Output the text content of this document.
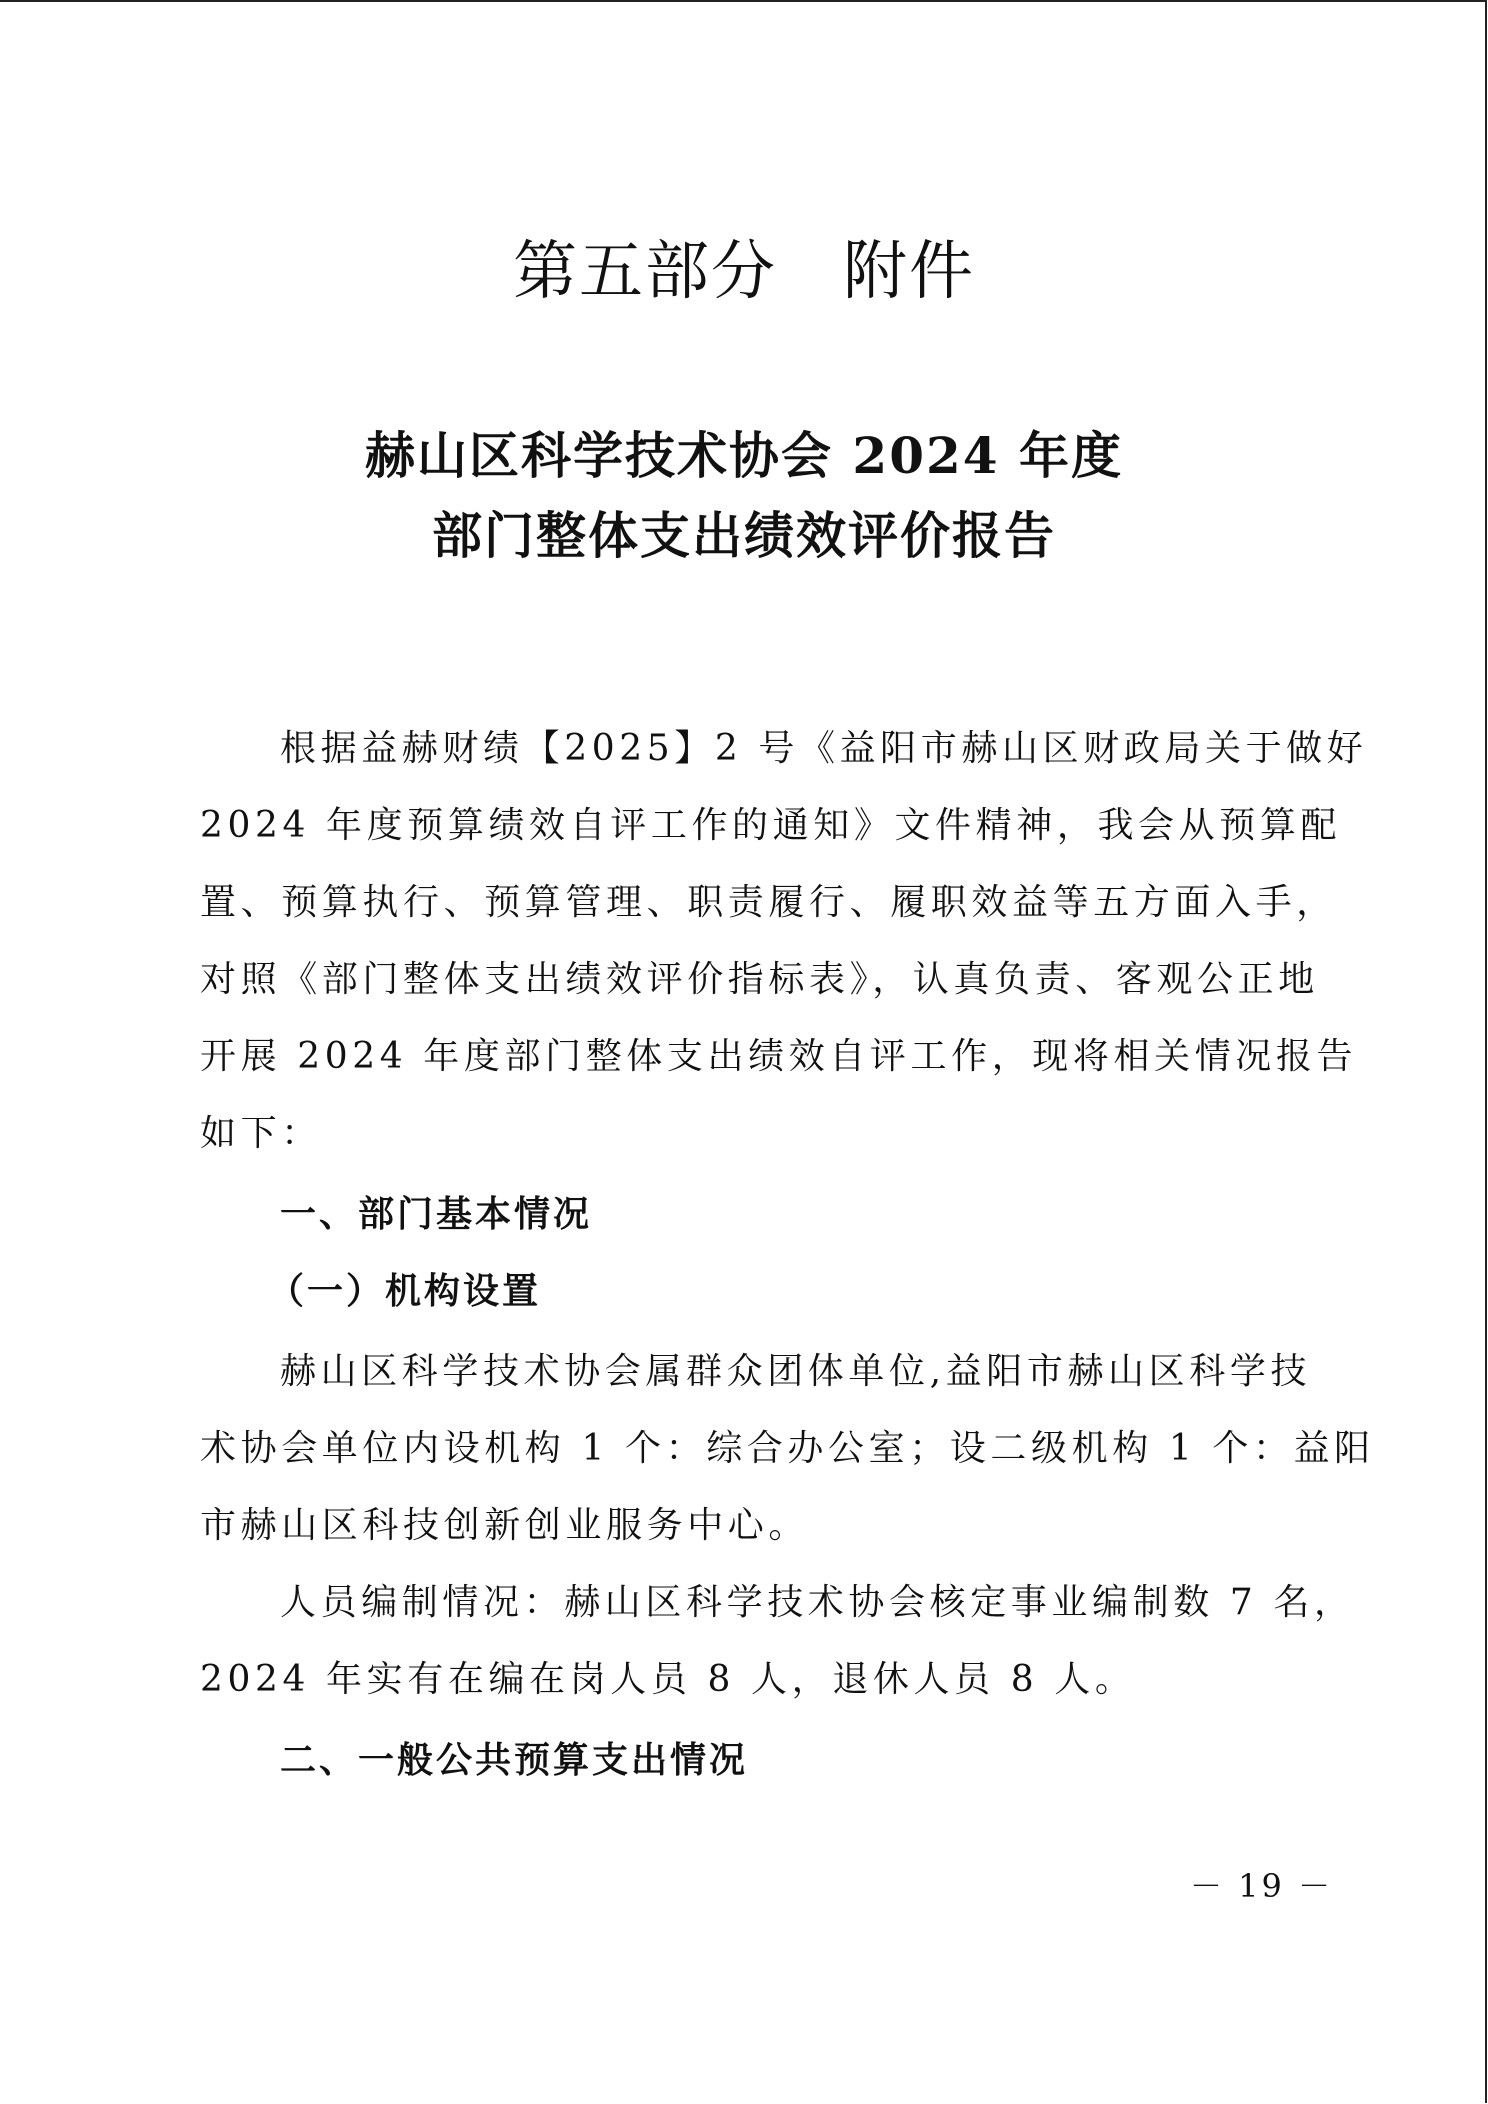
第五部分　附件
赫山区科学技术协会 2024 年度
部门整体支出绩效评价报告
根据益赫财绩【2025】2 号《益阳市赫山区财政局关于做好
2024 年度预算绩效自评工作的通知》文件精神，我会从预算配
置、预算执行、预算管理、职责履行、履职效益等五方面入手，
对照《部门整体支出绩效评价指标表》，认真负责、客观公正地
开展 2024 年度部门整体支出绩效自评工作，现将相关情况报告
如下：
一、部门基本情况
（一）机构设置
赫山区科学技术协会属群众团体单位,益阳市赫山区科学技
术协会单位内设机构 1 个：综合办公室；设二级机构 1 个：益阳
市赫山区科技创新创业服务中心。
人员编制情况：赫山区科学技术协会核定事业编制数 7 名，
2024 年实有在编在岗人员 8 人，退休人员 8 人。
二、一般公共预算支出情况
－ 19 －
